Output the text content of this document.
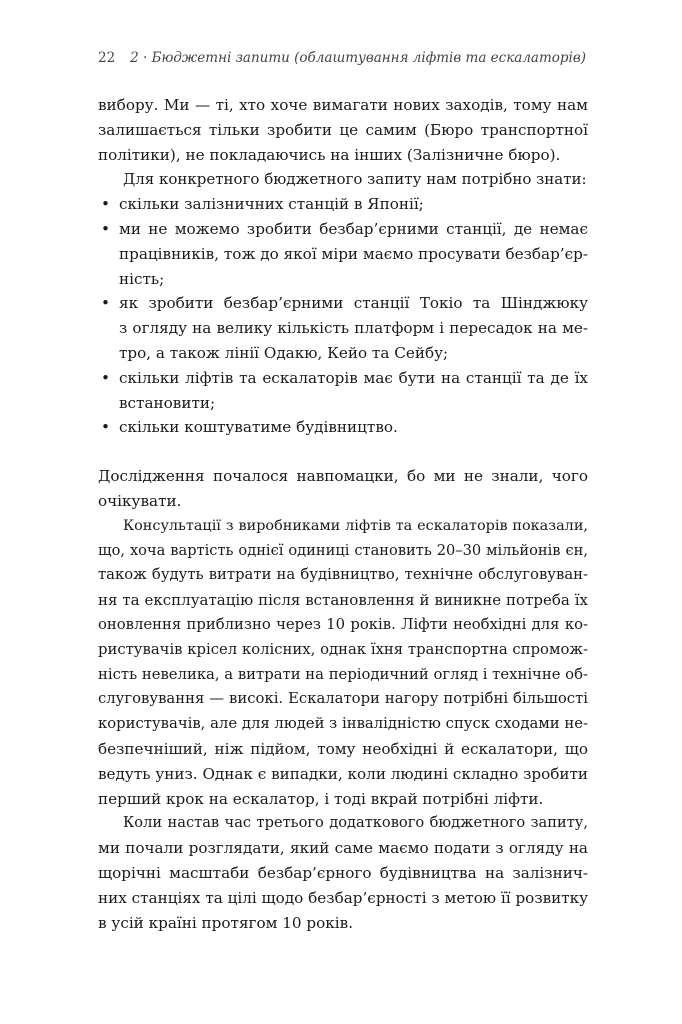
22 2 · Бюджетні запити (облаштування ліфтів та ескалаторів)
вибору. Ми — ті, хто хоче вимагати нових заходів, тому нам
залишається тільки зробити це самим (Бюро транспортної
політики), не покладаючись на інших (Залізничне бюро).
Для конкретного бюджетного запиту нам потрібно знати:
• скільки залізничних станцій в Японії;
• ми не можемо зробити безбар’єрними станції, де немає
працівників, тож до якої міри маємо просувати безбар’єр-
ність;
• як зробити безбар’єрними станції Токіо та Шінджюку
з огляду на велику кількість платформ і пересадок на ме-
тро, а також лінії Одакю, Кейо та Сейбу;
• скільки ліфтів та ескалаторів має бути на станції та де їх
встановити;
• скільки коштуватиме будівництво.
Дослідження почалося навпомацки, бо ми не знали, чого
очікувати.
Консультації з виробниками ліфтів та ескалаторів показали,
що, хоча вартість однієї одиниці становить 20–30 мільйонів єн,
також будуть витрати на будівництво, технічне обслуговуван-
ня та експлуатацію після встановлення й виникне потреба їх
оновлення приблизно через 10 років. Ліфти необхідні для ко-
ристувачів крісел колісних, однак їхня транспортна спромож-
ність невелика, а витрати на періодичний огляд і технічне об-
слуговування — високі. Ескалатори нагору потрібні більшості
користувачів, але для людей з інвалідністю спуск сходами не-
безпечніший, ніж підйом, тому необхідні й ескалатори, що
ведуть униз. Однак є випадки, коли людині складно зробити
перший крок на ескалатор, і тоді вкрай потрібні ліфти.
Коли настав час третього додаткового бюджетного запиту,
ми почали розглядати, який саме маємо подати з огляду на
щорічні масштаби безбар’єрного будівництва на залізнич-
них станціях та цілі щодо безбар’єрності з метою її розвитку
в усій країні протягом 10 років.
